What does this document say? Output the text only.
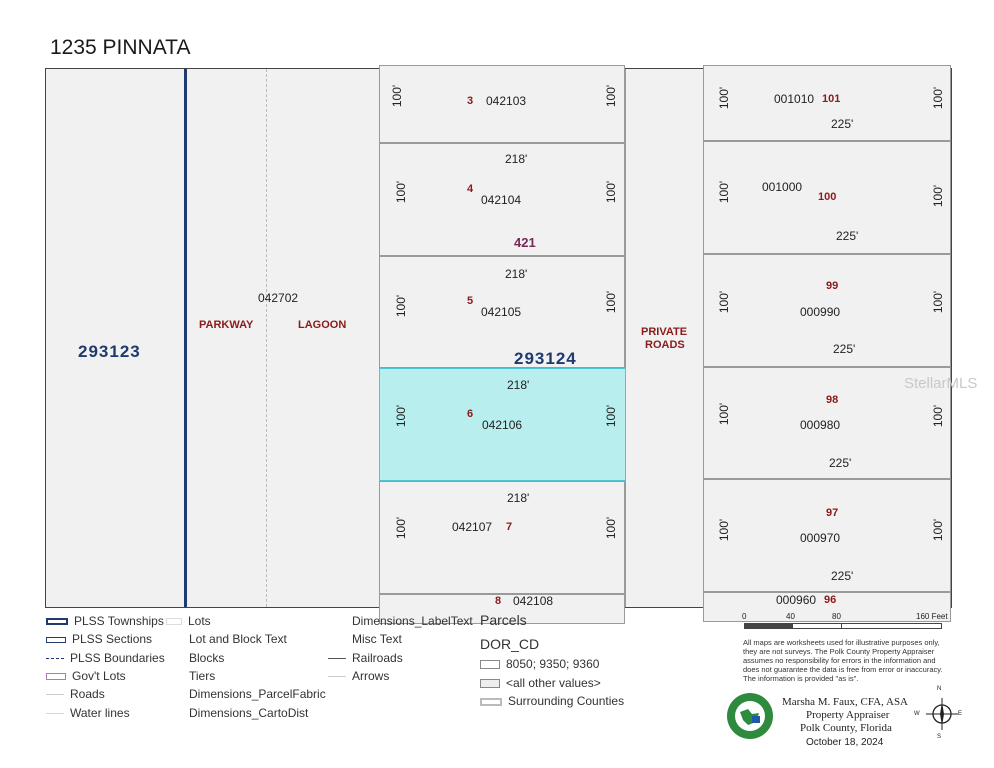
1235 PINNATA
293123	293124
421
042702
PARKWAY	LAGOON
PRIVATE
ROADS
3 042103
100'	100'
218'
4
042104
100'	100'
218'
5
042105
100'	100'
218'
6
042106
100'	100'
218'
042107 7
100'	100'
8 042108
001010 101
225'
100'	100'
001000
100
225'
100'	100'
99
000990
225'
100'	100'
98
000980
225'
100'	100'
97
000970
225'
100'	100'
000960 96
StellarMLS
PLSS Townships
PLSS Sections
PLSS Boundaries
Gov't Lots
Roads
Water lines
Lots
Lot and Block Text
Blocks
Tiers
Dimensions_ParcelFabric
Dimensions_CartoDist
Dimensions_LabelText
Misc Text
Railroads
Arrows
Parcels
DOR_CD
8050; 9350; 9360
<all other values>
Surrounding Counties
0	40	80	160 Feet
All maps are worksheets used for illustrative purposes only, they are not surveys. The Polk County Property Appraiser assumes no responsibility for errors in the information and does not guarantee the data is free from error or inaccuracy. The information is provided "as is".
Marsha M. Faux, CFA, ASA
Property Appraiser
Polk County, Florida
October 18, 2024
N
S
E
W
